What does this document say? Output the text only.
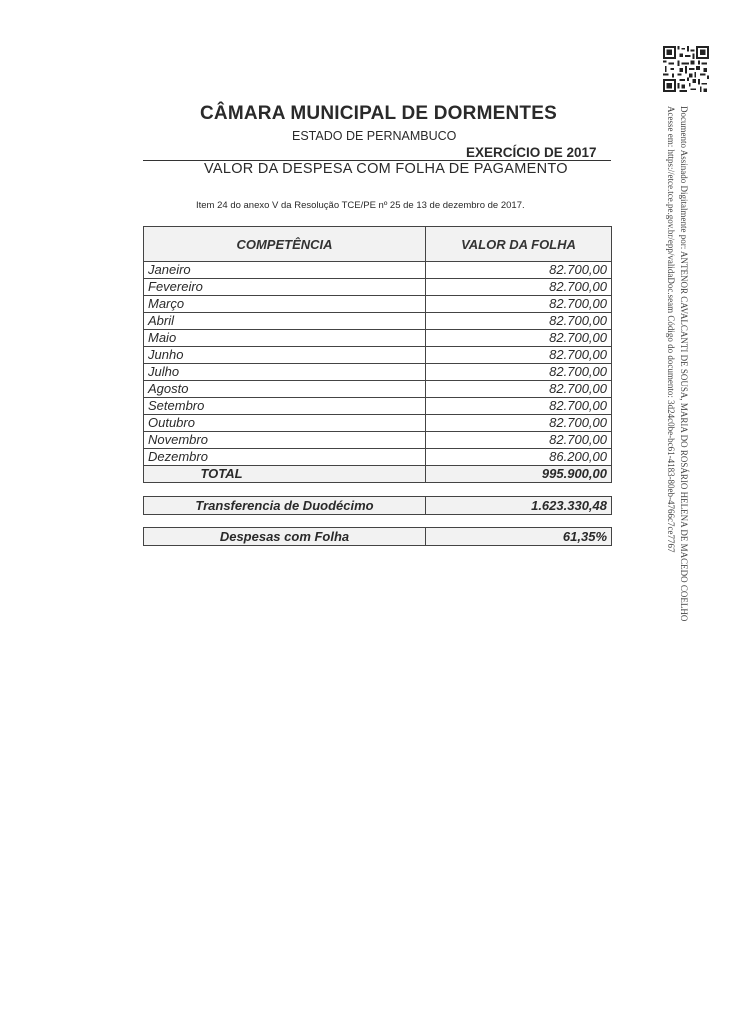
Documento Assinado Digitalmente por: ANTENOR CAVALCANTI DE SOUSA, MARIA DO ROSÁRIO HELENA DE MACEDO COELHO
Acesse em: https://etce.tce.pe.gov.br/epp/validaDoc.seam Código do documento: 3d24c0be-bc61-4183-80eb-4766c7ce7767
CÂMARA MUNICIPAL DE DORMENTES
ESTADO DE PERNAMBUCO
EXERCÍCIO DE 2017
VALOR DA DESPESA COM FOLHA DE PAGAMENTO
Item 24 do anexo V da Resolução TCE/PE nº 25 de 13 de dezembro de 2017.
COMPETÊNCIA	VALOR DA FOLHA
Janeiro	82.700,00
Fevereiro	82.700,00
Março	82.700,00
Abril	82.700,00
Maio	82.700,00
Junho	82.700,00
Julho	82.700,00
Agosto	82.700,00
Setembro	82.700,00
Outubro	82.700,00
Novembro	82.700,00
Dezembro	86.200,00
TOTAL	995.900,00
Transferencia de Duodécimo	1.623.330,48
Despesas com Folha	61,35%
